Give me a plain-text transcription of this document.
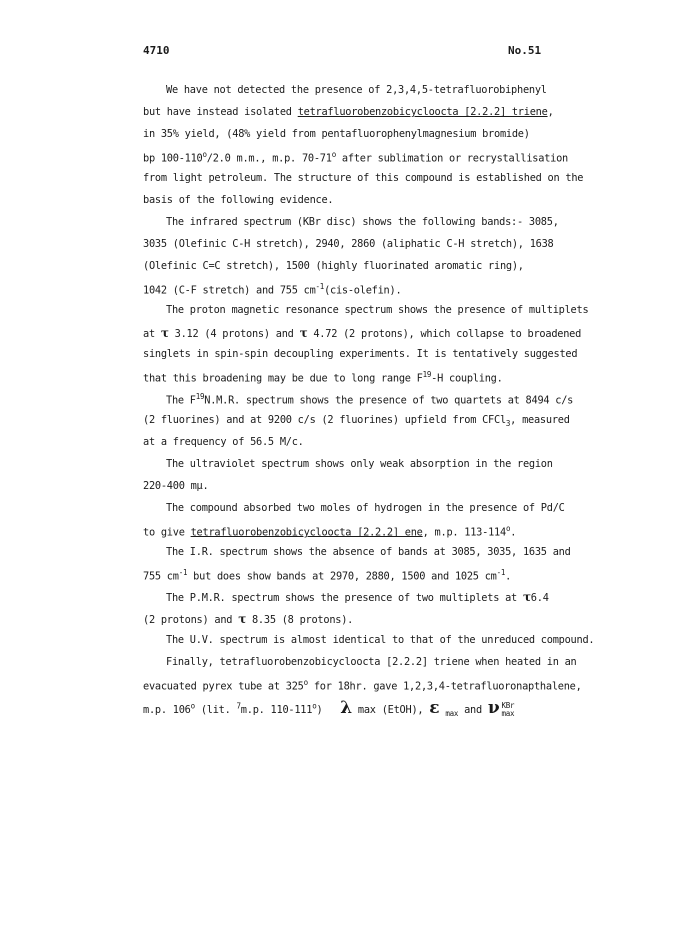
4710	No.51
We have not detected the presence of 2,3,4,5-tetrafluorobiphenyl
but have instead isolated tetrafluorobenzobicycloocta [2.2.2] triene,
in 35% yield, (48% yield from pentafluorophenylmagnesium bromide)
bp 100-110$^o$/2.0 m.m., m.p. 70-71$^o$ after sublimation or recrystallisation
from light petroleum. The structure of this compound is established on the
basis of the following evidence.
The infrared spectrum (KBr disc) shows the following bands:- 3085,
3035 (Olefinic C-H stretch), 2940, 2860 (aliphatic C-H stretch), 1638
(Olefinic C=C stretch), 1500 (highly fluorinated aromatic ring),
1042 (C-F stretch) and 755 $cm^{-1}(cis-olefin)$.
The proton magnetic resonance spectrum shows the presence of multiplets
at τ 3.12 (4 protons) and τ 4.72 (2 protons), which collapse to broadened
singlets in spin-spin decoupling experiments. It is tentatively suggested
that this broadening may be due to long range $F^{19}-H$ coupling.
The $F^{19}N.M.R$. spectrum shows the presence of two quartets at 8494 c/s
(2 fluorines) and at 9200 c/s (2 fluorines) upfield from CFCl$_3$, measured
at a frequency of 56.5 M/c.
The ultraviolet spectrum shows only weak absorption in the region
220-400 mμ.
The compound absorbed two moles of hydrogen in the presence of Pd/C
to give tetrafluorobenzobicycloocta [2.2.2] ene, m.p. 113-114$^o$.
The I.R. spectrum shows the absence of bands at 3085, 3035, 1635 and
755 $cm^{-1}$ but does show bands at 2970, 2880, 1500 and 1025 $cm^{-1}$.
The P.M.R. spectrum shows the presence of two multiplets at τ6.4
(2 protons) and τ 8.35 (8 protons).
The U.V. spectrum is almost identical to that of the unreduced compound.
Finally, tetrafluorobenzobicycloocta [2.2.2] triene when heated in an
evacuated pyrex tube at 325$^o$ for 18hr. gave 1,2,3,4-tetrafluoronapthalene,
m.p. 106$^o$ (lit. $^7$m.p. 110-111$^o$) λ max (EtOH), ε $_{max}$ and ν KBr
max
